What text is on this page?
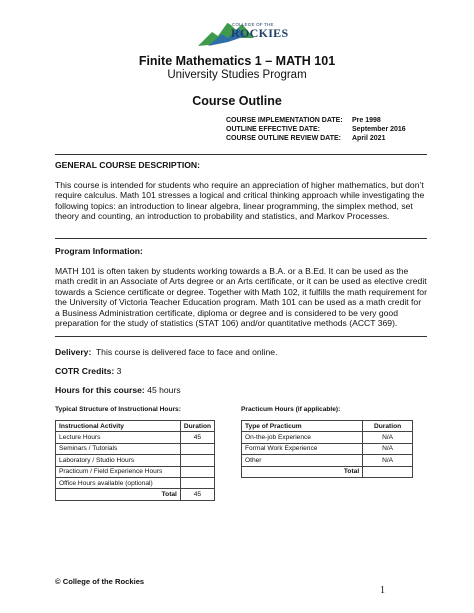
COLLEGE OF THE
ROCKIES
Finite Mathematics 1 – MATH 101
University Studies Program
Course Outline
COURSE IMPLEMENTATION DATE:	Pre 1998
OUTLINE EFFECTIVE DATE:	September 2016
COURSE OUTLINE REVIEW DATE:	April 2021
GENERAL COURSE DESCRIPTION:
This course is intended for students who require an appreciation of higher mathematics, but don’t require calculus. Math 101 stresses a logical and critical thinking approach while investigating the following topics: an introduction to linear algebra, linear programming, the simplex method, set theory and counting, an introduction to probability and statistics, and Markov Processes.
Program Information:
MATH 101 is often taken by students working towards a B.A. or a B.Ed. It can be used as the math credit in an Associate of Arts degree or an Arts certificate, or it can be used as elective credit towards a Science certificate or degree. Together with Math 102, it fulfills the math requirement for the University of Victoria Teacher Education program. Math 101 can be used as a math credit for a Business Administration certificate, diploma or degree and is considered to be very good preparation for the study of statistics (STAT 106) and/or quantitative methods (ACCT 369).
Delivery: This course is delivered face to face and online.
COTR Credits: 3
Hours for this course: 45 hours
Typical Structure of Instructional Hours:	Practicum Hours (if applicable):
Instructional Activity	Duration
Lecture Hours	45
Seminars / Tutorials	
Laboratory / Studio Hours	
Practicum / Field Experience Hours	
Office Hours available (optional)	
Total	45
Type of Practicum	Duration
On-the-job Experience	N/A
Formal Work Experience	N/A
Other	N/A
Total	
© College of the Rockies
1
